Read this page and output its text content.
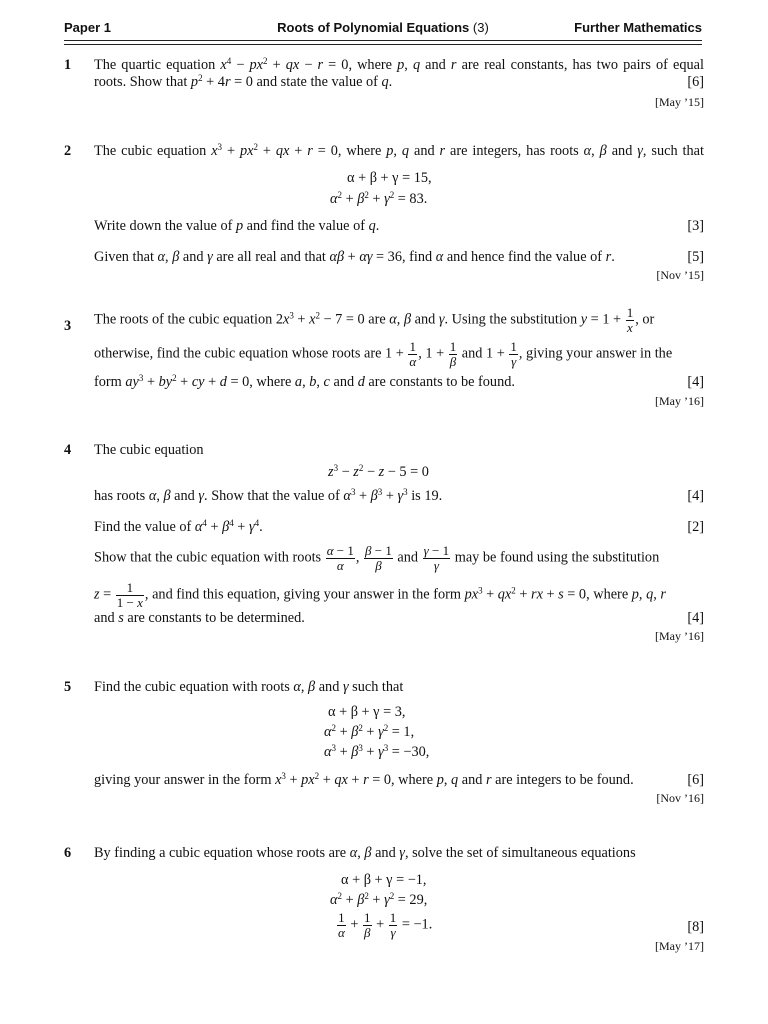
Paper 1	Roots of Polynomial Equations (3)	Further Mathematics
1 The quartic equation $x^4 - px^2$ + qx − r = 0, where p, q and r are real constants, has two pairs of equal
roots. Show that $p^2 + 4r = 0$ and state the value of q.	[6]
[May ’15]
2 The cubic equation $x^3 + px^2$ + qx + r = 0, where p, q and r are integers, has roots α, β and γ, such that
α + β + γ = 15,
$\alpha^2 + \beta^2 + \gamma^2 = 83$.
Write down the value of p and find the value of q.	[3]
Given that α, β and γ are all real and that αβ + αγ = 36, find α and hence find the value of r.	[5]
[Nov ’15]
3 The roots of the cubic equation $2x^3 + x^2 - 7 = 0$ are α, β and γ. Using the substitution $y = 1 + \frac{1}{x}$ , or
otherwise, find the cubic equation whose roots are $1 + \frac{1}{\alpha}$ , $1 + \frac{1}{\beta}$ and $1 + \frac{1}{\gamma}$ , giving your answer in the
form $ay^3 + by^2$ + cy + d = 0, where a, b, c and d are constants to be found.	[4]
[May ’16]
4 The cubic equation
$z^3 - z^2 - z - 5 = 0$
has roots α, β and γ. Show that the value of $\alpha^3 + \beta^3 + \gamma^3$ is 19.	[4]
Find the value of $\alpha^4 + \beta^4 + \gamma^4$.	[2]
Show that the cubic equation with roots $\frac{\alpha - 1}{\alpha}$ , $\frac{\beta - 1}{\beta}$ and $\frac{\gamma - 1}{\gamma}$ may be found using the substitution
$z = \frac{1}{1 - x}$ , and find this equation, giving your answer in the form $px^3 + qx^2$ + rx + s = 0, where p, q, r
and s are constants to be determined.	[4]
[May ’16]
5 Find the cubic equation with roots α, β and γ such that
α + β + γ = 3,
$\alpha^2 + \beta^2 + \gamma^2 = 1$,
$\alpha^3 + \beta^3 + \gamma^3 = -30$,
giving your answer in the form $x^3 + px^2$ + qx + r = 0, where p, q and r are integers to be found.	[6]
[Nov ’16]
6 By finding a cubic equation whose roots are α, β and γ, solve the set of simultaneous equations
α + β + γ = −1,
$\alpha^2 + \beta^2 + \gamma^2 = 29$,
$\frac{1}{\alpha} + \frac{1}{\beta} + \frac{1}{\gamma} = -1$.	[8]
[May ’17]
